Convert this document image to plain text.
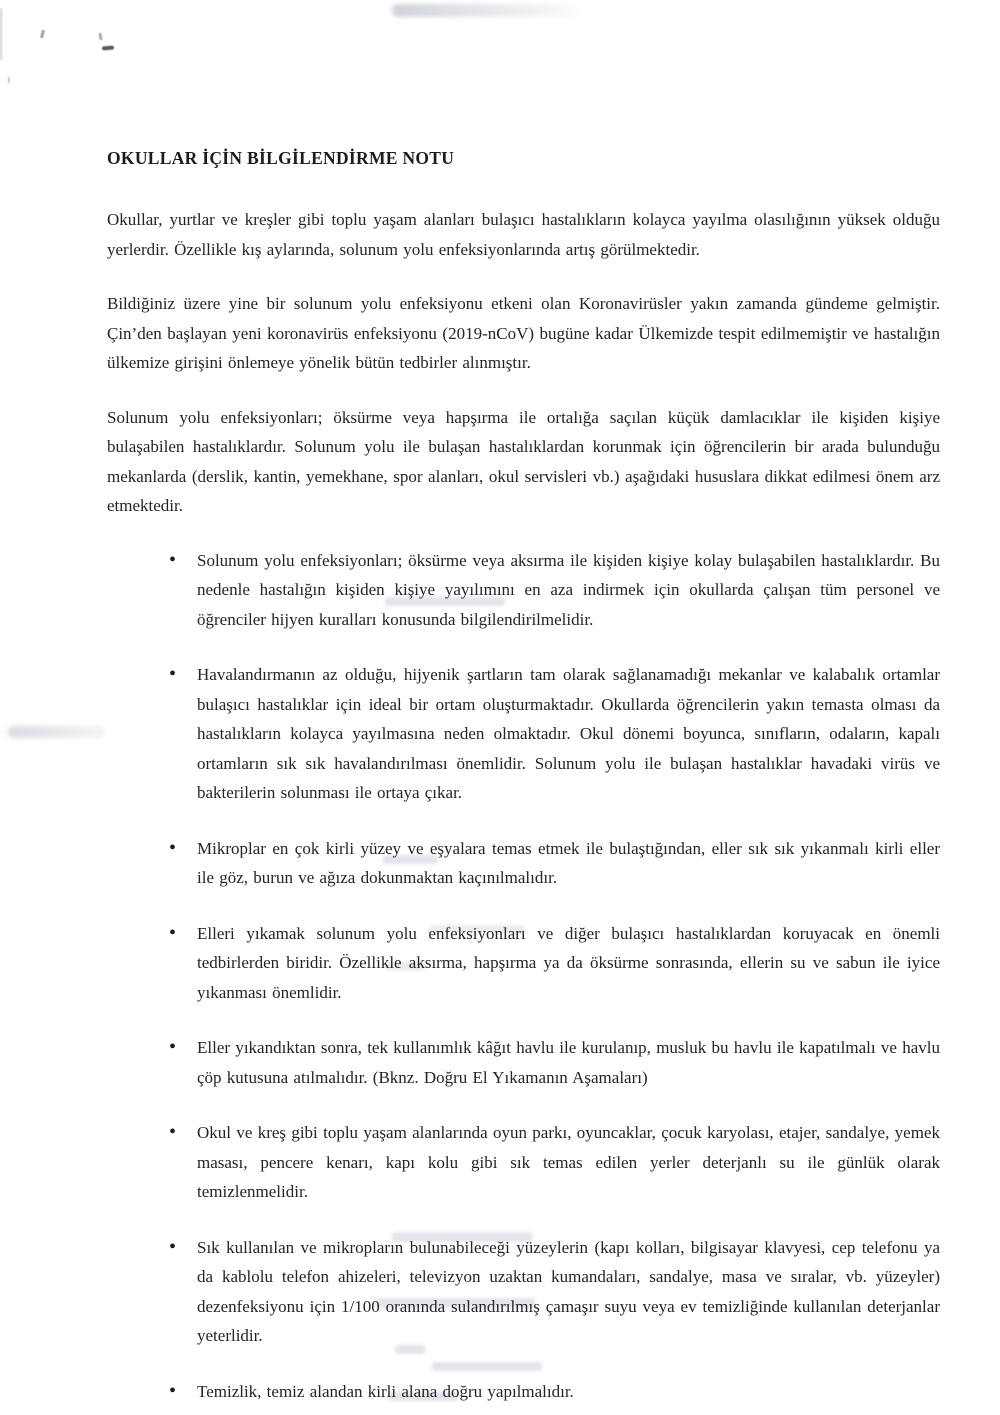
OKULLAR İÇİN BİLGİLENDİRME NOTU

Okullar, yurtlar ve kreşler gibi toplu yaşam alanları bulaşıcı hastalıkların kolayca yayılma olasılığının yüksek olduğu yerlerdir. Özellikle kış aylarında, solunum yolu enfeksiyonlarında artış görülmektedir.

Bildiğiniz üzere yine bir solunum yolu enfeksiyonu etkeni olan Koronavirüsler yakın zamanda gündeme gelmiştir. Çin’den başlayan yeni koronavirüs enfeksiyonu (2019-nCoV) bugüne kadar Ülkemizde tespit edilmemiştir ve hastalığın ülkemize girişini önlemeye yönelik bütün tedbirler alınmıştır.

Solunum yolu enfeksiyonları; öksürme veya hapşırma ile ortalığa saçılan küçük damlacıklar ile kişiden kişiye bulaşabilen hastalıklardır. Solunum yolu ile bulaşan hastalıklardan korunmak için öğrencilerin bir arada bulunduğu mekanlarda (derslik, kantin, yemekhane, spor alanları, okul servisleri vb.) aşağıdaki hususlara dikkat edilmesi önem arz etmektedir.

• Solunum yolu enfeksiyonları; öksürme veya aksırma ile kişiden kişiye kolay bulaşabilen hastalıklardır. Bu nedenle hastalığın kişiden kişiye yayılımını en aza indirmek için okullarda çalışan tüm personel ve öğrenciler hijyen kuralları konusunda bilgilendirilmelidir.
• Havalandırmanın az olduğu, hijyenik şartların tam olarak sağlanamadığı mekanlar ve kalabalık ortamlar bulaşıcı hastalıklar için ideal bir ortam oluşturmaktadır. Okullarda öğrencilerin yakın temasta olması da hastalıkların kolayca yayılmasına neden olmaktadır. Okul dönemi boyunca, sınıfların, odaların, kapalı ortamların sık sık havalandırılması önemlidir. Solunum yolu ile bulaşan hastalıklar havadaki virüs ve bakterilerin solunması ile ortaya çıkar.
• Mikroplar en çok kirli yüzey ve eşyalara temas etmek ile bulaştığından, eller sık sık yıkanmalı kirli eller ile göz, burun ve ağıza dokunmaktan kaçınılmalıdır.
• Elleri yıkamak solunum yolu enfeksiyonları ve diğer bulaşıcı hastalıklardan koruyacak en önemli tedbirlerden biridir. Özellikle aksırma, hapşırma ya da öksürme sonrasında, ellerin su ve sabun ile iyice yıkanması önemlidir.
• Eller yıkandıktan sonra, tek kullanımlık kâğıt havlu ile kurulanıp, musluk bu havlu ile kapatılmalı ve havlu çöp kutusuna atılmalıdır. (Bknz. Doğru El Yıkamanın Aşamaları)
• Okul ve kreş gibi toplu yaşam alanlarında oyun parkı, oyuncaklar, çocuk karyolası, etajer, sandalye, yemek masası, pencere kenarı, kapı kolu gibi sık temas edilen yerler deterjanlı su ile günlük olarak temizlenmelidir.
• Sık kullanılan ve mikropların bulunabileceği yüzeylerin (kapı kolları, bilgisayar klavyesi, cep telefonu ya da kablolu telefon ahizeleri, televizyon uzaktan kumandaları, sandalye, masa ve sıralar, vb. yüzeyler) dezenfeksiyonu için 1/100 oranında sulandırılmış çamaşır suyu veya ev temizliğinde kullanılan deterjanlar yeterlidir.
• Temizlik, temiz alandan kirli alana doğru yapılmalıdır.
